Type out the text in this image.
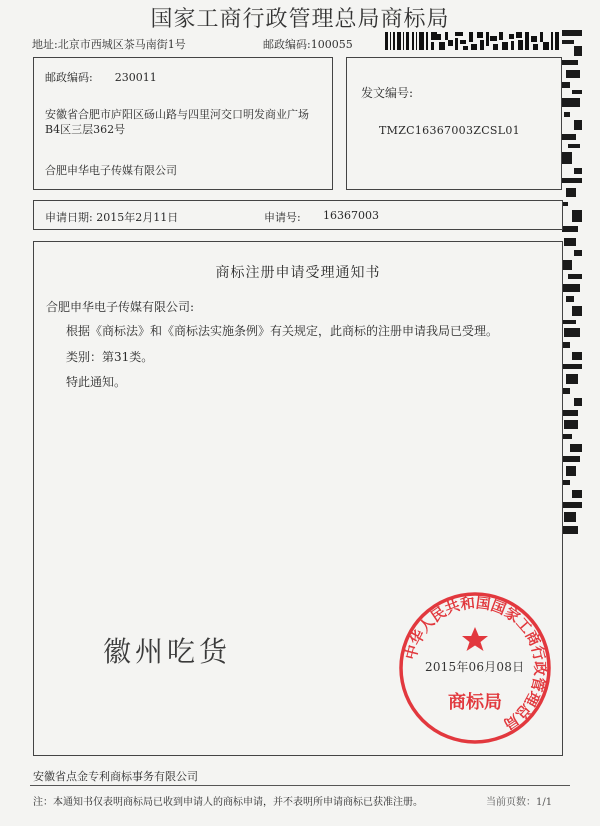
国家工商行政管理总局商标局
地址:北京市西城区茶马南街1号	邮政编码:100055
邮政编码:　　230011
安徽省合肥市庐阳区砀山路与四里河交口明发商业广场
B4区三层362号
合肥申华电子传媒有限公司
发文编号:
TMZC16367003ZCSL01
申请日期: 2015年2月11日	申请号: 16367003
商标注册申请受理通知书
合肥申华电子传媒有限公司:
根据《商标法》和《商标法实施条例》有关规定，此商标的注册申请我局已受理。
类别：第31类。
特此通知。
徽州吃货	中华人民共和国国家工商行政管理总局
商标局
2015年06月08日
安徽省点金专利商标事务有限公司
注：本通知书仅表明商标局已收到申请人的商标申请，并不表明所申请商标已获准注册。	当前页数：1/1
